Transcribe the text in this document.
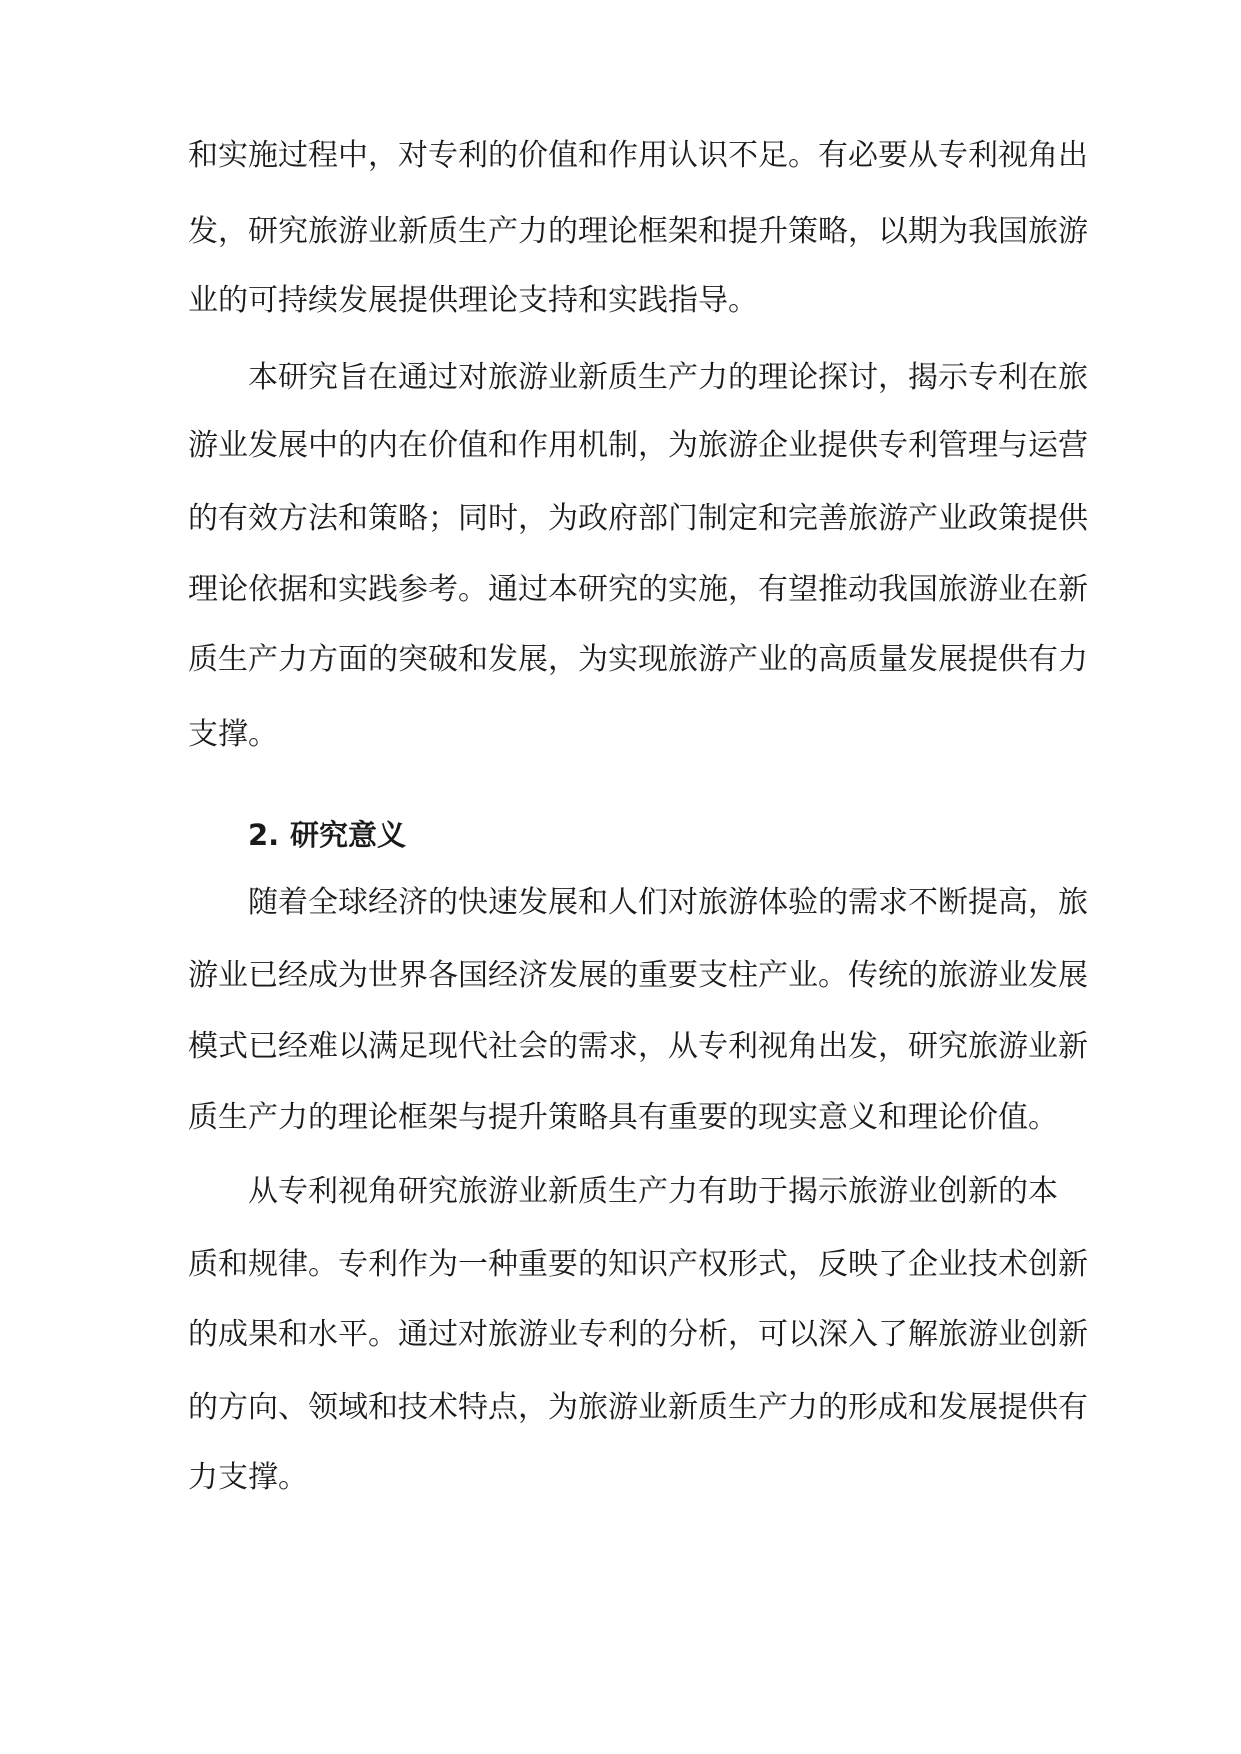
和实施过程中，对专利的价值和作用认识不足。有必要从专利视角出
发，研究旅游业新质生产力的理论框架和提升策略，以期为我国旅游
业的可持续发展提供理论支持和实践指导。
本研究旨在通过对旅游业新质生产力的理论探讨，揭示专利在旅
游业发展中的内在价值和作用机制，为旅游企业提供专利管理与运营
的有效方法和策略；同时，为政府部门制定和完善旅游产业政策提供
理论依据和实践参考。通过本研究的实施，有望推动我国旅游业在新
质生产力方面的突破和发展，为实现旅游产业的高质量发展提供有力
支撑。
2. 研究意义
随着全球经济的快速发展和人们对旅游体验的需求不断提高，旅
游业已经成为世界各国经济发展的重要支柱产业。传统的旅游业发展
模式已经难以满足现代社会的需求，从专利视角出发，研究旅游业新
质生产力的理论框架与提升策略具有重要的现实意义和理论价值。
从专利视角研究旅游业新质生产力有助于揭示旅游业创新的本
质和规律。专利作为一种重要的知识产权形式，反映了企业技术创新
的成果和水平。通过对旅游业专利的分析，可以深入了解旅游业创新
的方向、领域和技术特点，为旅游业新质生产力的形成和发展提供有
力支撑。
